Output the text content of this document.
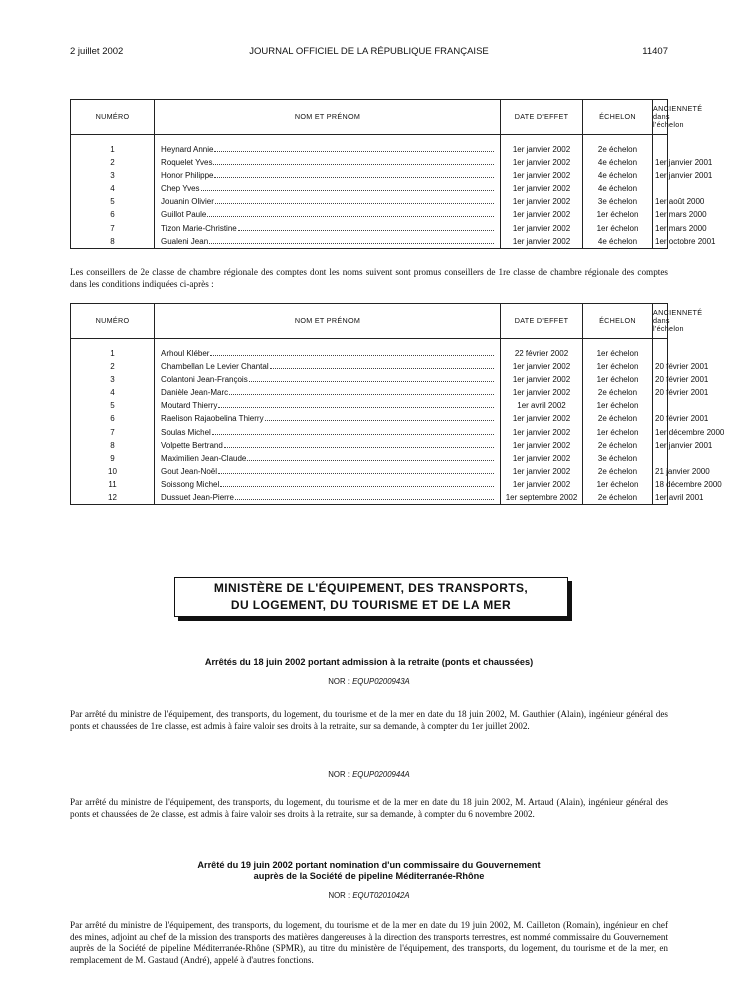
2 juillet 2002	JOURNAL OFFICIEL DE LA RÉPUBLIQUE FRANÇAISE	11407
NUMÉRO	NOM ET PRÉNOM	DATE D'EFFET	ÉCHELON	ANCIENNETÉ
dans l'échelon

1	Heynard Annie	1er janvier 2002	2e échelon	
2	Roquelet Yves	1er janvier 2002	4e échelon	1er janvier 2001
3	Honor Philippe	1er janvier 2002	4e échelon	1er janvier 2001
4	Chep Yves	1er janvier 2002	4e échelon	
5	Jouanin Olivier	1er janvier 2002	3e échelon	1er août 2000
6	Guillot Paule	1er janvier 2002	1er échelon	1er mars 2000
7	Tizon Marie-Christine	1er janvier 2002	1er échelon	1er mars 2000
8	Gualeni Jean	1er janvier 2002	4e échelon	1er octobre 2001
Les conseillers de 2e classe de chambre régionale des comptes dont les noms suivent sont promus conseillers de 1re classe de chambre régionale des comptes dans les conditions indiquées ci-après :
NUMÉRO	NOM ET PRÉNOM	DATE D'EFFET	ÉCHELON	ANCIENNETÉ
dans l'échelon

1	Arhoul Kléber	22 février 2002	1er échelon	
2	Chambellan Le Levier Chantal	1er janvier 2002	1er échelon	20 février 2001
3	Colantoni Jean-François	1er janvier 2002	1er échelon	20 février 2001
4	Danièle Jean-Marc	1er janvier 2002	2e échelon	20 février 2001
5	Moutard Thierry	1er avril 2002	1er échelon	
6	Raelison Rajaobelina Thierry	1er janvier 2002	2e échelon	20 février 2001
7	Soulas Michel	1er janvier 2002	1er échelon	1er décembre 2000
8	Volpette Bertrand	1er janvier 2002	2e échelon	1er janvier 2001
9	Maximilien Jean-Claude	1er janvier 2002	3e échelon	
10	Gout Jean-Noël	1er janvier 2002	2e échelon	21 janvier 2000
11	Soissong Michel	1er janvier 2002	1er échelon	18 décembre 2000
12	Dussuet Jean-Pierre	1er septembre 2002	2e échelon	1er avril 2001
MINISTÈRE DE L'ÉQUIPEMENT, DES TRANSPORTS,
DU LOGEMENT, DU TOURISME ET DE LA MER
Arrêtés du 18 juin 2002 portant admission à la retraite (ponts et chaussées)
NOR : EQUP0200943A
Par arrêté du ministre de l'équipement, des transports, du logement, du tourisme et de la mer en date du 18 juin 2002, M. Gauthier (Alain), ingénieur général des ponts et chaussées de 1re classe, est admis à faire valoir ses droits à la retraite, sur sa demande, à compter du 1er juillet 2002.
NOR : EQUP0200944A
Par arrêté du ministre de l'équipement, des transports, du logement, du tourisme et de la mer en date du 18 juin 2002, M. Artaud (Alain), ingénieur général des ponts et chaussées de 2e classe, est admis à faire valoir ses droits à la retraite, sur sa demande, à compter du 6 novembre 2002.
Arrêté du 19 juin 2002 portant nomination d'un commissaire du Gouvernement
auprès de la Société de pipeline Méditerranée-Rhône
NOR : EQUT0201042A
Par arrêté du ministre de l'équipement, des transports, du logement, du tourisme et de la mer en date du 19 juin 2002, M. Cailleton (Romain), ingénieur en chef des mines, adjoint au chef de la mission des transports des matières dangereuses à la direction des transports terrestres, est nommé commissaire du Gouvernement auprès de la Société de pipeline Méditerranée-Rhône (SPMR), au titre du ministère de l'équipement, des transports, du logement, du tourisme et de la mer, en remplacement de M. Gastaud (André), appelé à d'autres fonctions.
